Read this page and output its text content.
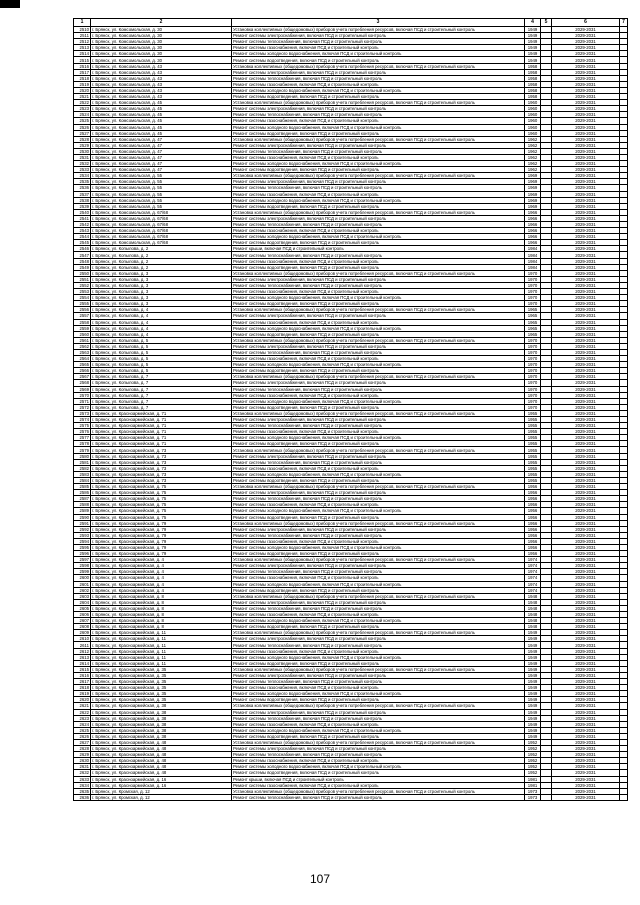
1	2	3	4	5	6	7
2510	г. Брянск, ул. Комсомольская, д. 30	Установка коллективных (общедомовых) приборов учета потребления ресурсов, включая ПСД и строительный контроль	1949		2029-2031	
2511	г. Брянск, ул. Комсомольская, д. 30	Ремонт системы электроснабжения, включая ПСД и строительный контроль	1949		2029-2031	
2512	г. Брянск, ул. Комсомольская, д. 30	Ремонт системы теплоснабжения, включая ПСД и строительный контроль	1949		2029-2031	
2513	г. Брянск, ул. Комсомольская, д. 30	Ремонт системы газоснабжения, включая ПСД и строительный контроль	1949		2029-2031	
2514	г. Брянск, ул. Комсомольская, д. 30	Ремонт системы холодного водоснабжения, включая ПСД и строительный контроль	1949		2029-2031	
2515	г. Брянск, ул. Комсомольская, д. 30	Ремонт системы водоотведения, включая ПСД и строительный контроль	1949		2029-2031	
2516	г. Брянск, ул. Комсомольская, д. 43	Установка коллективных (общедомовых) приборов учета потребления ресурсов, включая ПСД и строительный контроль	1958		2029-2031	
2517	г. Брянск, ул. Комсомольская, д. 43	Ремонт системы электроснабжения, включая ПСД и строительный контроль	1958		2029-2031	
2518	г. Брянск, ул. Комсомольская, д. 43	Ремонт системы теплоснабжения, включая ПСД и строительный контроль	1958		2029-2031	
2519	г. Брянск, ул. Комсомольская, д. 43	Ремонт системы газоснабжения, включая ПСД и строительный контроль	1958		2029-2031	
2520	г. Брянск, ул. Комсомольская, д. 43	Ремонт системы холодного водоснабжения, включая ПСД и строительный контроль	1958		2029-2031	
2521	г. Брянск, ул. Комсомольская, д. 43	Ремонт системы водоотведения, включая ПСД и строительный контроль	1958		2029-2031	
2522	г. Брянск, ул. Комсомольская, д. 45	Установка коллективных (общедомовых) приборов учета потребления ресурсов, включая ПСД и строительный контроль	1960		2029-2031	
2523	г. Брянск, ул. Комсомольская, д. 45	Ремонт системы электроснабжения, включая ПСД и строительный контроль	1960		2029-2031	
2524	г. Брянск, ул. Комсомольская, д. 45	Ремонт системы теплоснабжения, включая ПСД и строительный контроль	1960		2029-2031	
2525	г. Брянск, ул. Комсомольская, д. 45	Ремонт системы газоснабжения, включая ПСД и строительный контроль	1960		2029-2031	
2526	г. Брянск, ул. Комсомольская, д. 45	Ремонт системы холодного водоснабжения, включая ПСД и строительный контроль	1960		2029-2031	
2527	г. Брянск, ул. Комсомольская, д. 45	Ремонт системы водоотведения, включая ПСД и строительный контроль	1960		2029-2031	
2528	г. Брянск, ул. Комсомольская, д. 47	Установка коллективных (общедомовых) приборов учета потребления ресурсов, включая ПСД и строительный контроль	1962		2029-2031	
2529	г. Брянск, ул. Комсомольская, д. 47	Ремонт системы электроснабжения, включая ПСД и строительный контроль	1962		2029-2031	
2530	г. Брянск, ул. Комсомольская, д. 47	Ремонт системы теплоснабжения, включая ПСД и строительный контроль	1962		2029-2031	
2531	г. Брянск, ул. Комсомольская, д. 47	Ремонт системы газоснабжения, включая ПСД и строительный контроль	1962		2029-2031	
2532	г. Брянск, ул. Комсомольская, д. 47	Ремонт системы холодного водоснабжения, включая ПСД и строительный контроль	1962		2029-2031	
2533	г. Брянск, ул. Комсомольская, д. 47	Ремонт системы водоотведения, включая ПСД и строительный контроль	1962		2029-2031	
2534	г. Брянск, ул. Комсомольская, д. 55	Установка коллективных (общедомовых) приборов учета потребления ресурсов, включая ПСД и строительный контроль	1969		2029-2031	
2535	г. Брянск, ул. Комсомольская, д. 55	Ремонт системы электроснабжения, включая ПСД и строительный контроль	1969		2029-2031	
2536	г. Брянск, ул. Комсомольская, д. 55	Ремонт системы теплоснабжения, включая ПСД и строительный контроль	1969		2029-2031	
2537	г. Брянск, ул. Комсомольская, д. 55	Ремонт системы газоснабжения, включая ПСД и строительный контроль	1969		2029-2031	
2538	г. Брянск, ул. Комсомольская, д. 55	Ремонт системы холодного водоснабжения, включая ПСД и строительный контроль	1969		2029-2031	
2539	г. Брянск, ул. Комсомольская, д. 55	Ремонт системы водоотведения, включая ПСД и строительный контроль	1969		2029-2031	
2540	г. Брянск, ул. Комсомольская, д. 67/68	Установка коллективных (общедомовых) приборов учета потребления ресурсов, включая ПСД и строительный контроль	1966		2029-2031	
2541	г. Брянск, ул. Комсомольская, д. 67/68	Ремонт системы электроснабжения, включая ПСД и строительный контроль	1966		2029-2031	
2542	г. Брянск, ул. Комсомольская, д. 67/68	Ремонт системы теплоснабжения, включая ПСД и строительный контроль	1966		2029-2031	
2543	г. Брянск, ул. Комсомольская, д. 67/68	Ремонт системы газоснабжения, включая ПСД и строительный контроль	1966		2029-2031	
2544	г. Брянск, ул. Комсомольская, д. 67/68	Ремонт системы холодного водоснабжения, включая ПСД и строительный контроль	1966		2029-2031	
2545	г. Брянск, ул. Комсомольская, д. 67/68	Ремонт системы водоотведения, включая ПСД и строительный контроль	1966		2029-2031	
2546	г. Брянск, ул. Копылова, д. 2	Ремонт крыши, включая ПСД и строительный контроль	1984		2029-2031	
2547	г. Брянск, ул. Копылова, д. 2	Ремонт системы теплоснабжения, включая ПСД и строительный контроль	1984		2029-2031	
2548	г. Брянск, ул. Копылова, д. 2	Ремонт системы газоснабжения, включая ПСД и строительный контроль	1984		2029-2031	
2549	г. Брянск, ул. Копылова, д. 2	Ремонт системы водоотведения, включая ПСД и строительный контроль	1984		2029-2031	
2550	г. Брянск, ул. Копылова, д. 3	Установка коллективных (общедомовых) приборов учета потребления ресурсов, включая ПСД и строительный контроль	1970		2029-2031	
2551	г. Брянск, ул. Копылова, д. 3	Ремонт системы электроснабжения, включая ПСД и строительный контроль	1970		2029-2031	
2552	г. Брянск, ул. Копылова, д. 3	Ремонт системы теплоснабжения, включая ПСД и строительный контроль	1970		2029-2031	
2553	г. Брянск, ул. Копылова, д. 3	Ремонт системы газоснабжения, включая ПСД и строительный контроль	1970		2029-2031	
2554	г. Брянск, ул. Копылова, д. 3	Ремонт системы холодного водоснабжения, включая ПСД и строительный контроль	1970		2029-2031	
2555	г. Брянск, ул. Копылова, д. 3	Ремонт системы водоотведения, включая ПСД и строительный контроль	1970		2029-2031	
2556	г. Брянск, ул. Копылова, д. 4	Установка коллективных (общедомовых) приборов учета потребления ресурсов, включая ПСД и строительный контроль	1965		2029-2031	
2557	г. Брянск, ул. Копылова, д. 4	Ремонт системы электроснабжения, включая ПСД и строительный контроль	1965		2029-2031	
2558	г. Брянск, ул. Копылова, д. 4	Ремонт системы газоснабжения, включая ПСД и строительный контроль	1965		2029-2031	
2559	г. Брянск, ул. Копылова, д. 4	Ремонт системы холодного водоснабжения, включая ПСД и строительный контроль	1965		2029-2031	
2560	г. Брянск, ул. Копылова, д. 4	Ремонт системы водоотведения, включая ПСД и строительный контроль	1965		2029-2031	
2561	г. Брянск, ул. Копылова, д. 5	Установка коллективных (общедомовых) приборов учета потребления ресурсов, включая ПСД и строительный контроль	1970		2029-2031	
2562	г. Брянск, ул. Копылова, д. 5	Ремонт системы электроснабжения, включая ПСД и строительный контроль	1970		2029-2031	
2563	г. Брянск, ул. Копылова, д. 5	Ремонт системы теплоснабжения, включая ПСД и строительный контроль	1970		2029-2031	
2564	г. Брянск, ул. Копылова, д. 5	Ремонт системы газоснабжения, включая ПСД и строительный контроль	1970		2029-2031	
2565	г. Брянск, ул. Копылова, д. 5	Ремонт системы холодного водоснабжения, включая ПСД и строительный контроль	1970		2029-2031	
2566	г. Брянск, ул. Копылова, д. 5	Ремонт системы водоотведения, включая ПСД и строительный контроль	1970		2029-2031	
2567	г. Брянск, ул. Копылова, д. 7	Установка коллективных (общедомовых) приборов учета потребления ресурсов, включая ПСД и строительный контроль	1970		2029-2031	
2568	г. Брянск, ул. Копылова, д. 7	Ремонт системы электроснабжения, включая ПСД и строительный контроль	1970		2029-2031	
2569	г. Брянск, ул. Копылова, д. 7	Ремонт системы теплоснабжения, включая ПСД и строительный контроль	1970		2029-2031	
2570	г. Брянск, ул. Копылова, д. 7	Ремонт системы газоснабжения, включая ПСД и строительный контроль	1970		2029-2031	
2571	г. Брянск, ул. Копылова, д. 7	Ремонт системы холодного водоснабжения, включая ПСД и строительный контроль	1970		2029-2031	
2572	г. Брянск, ул. Копылова, д. 7	Ремонт системы водоотведения, включая ПСД и строительный контроль	1970		2029-2031	
2573	г. Брянск, ул. Красноармейская, д. 71	Установка коллективных (общедомовых) приборов учета потребления ресурсов, включая ПСД и строительный контроль	1955		2029-2031	
2574	г. Брянск, ул. Красноармейская, д. 71	Ремонт системы электроснабжения, включая ПСД и строительный контроль	1955		2029-2031	
2575	г. Брянск, ул. Красноармейская, д. 71	Ремонт системы теплоснабжения, включая ПСД и строительный контроль	1955		2029-2031	
2576	г. Брянск, ул. Красноармейская, д. 71	Ремонт системы газоснабжения, включая ПСД и строительный контроль	1955		2029-2031	
2577	г. Брянск, ул. Красноармейская, д. 71	Ремонт системы холодного водоснабжения, включая ПСД и строительный контроль	1955		2029-2031	
2578	г. Брянск, ул. Красноармейская, д. 71	Ремонт системы водоотведения, включая ПСД и строительный контроль	1955		2029-2031	
2579	г. Брянск, ул. Красноармейская, д. 73	Установка коллективных (общедомовых) приборов учета потребления ресурсов, включая ПСД и строительный контроль	1955		2029-2031	
2580	г. Брянск, ул. Красноармейская, д. 73	Ремонт системы электроснабжения, включая ПСД и строительный контроль	1955		2029-2031	
2581	г. Брянск, ул. Красноармейская, д. 73	Ремонт системы теплоснабжения, включая ПСД и строительный контроль	1955		2029-2031	
2582	г. Брянск, ул. Красноармейская, д. 73	Ремонт системы газоснабжения, включая ПСД и строительный контроль	1955		2029-2031	
2583	г. Брянск, ул. Красноармейская, д. 73	Ремонт системы холодного водоснабжения, включая ПСД и строительный контроль	1955		2029-2031	
2584	г. Брянск, ул. Красноармейская, д. 73	Ремонт системы водоотведения, включая ПСД и строительный контроль	1955		2029-2031	
2585	г. Брянск, ул. Красноармейская, д. 75	Установка коллективных (общедомовых) приборов учета потребления ресурсов, включая ПСД и строительный контроль	1956		2029-2031	
2586	г. Брянск, ул. Красноармейская, д. 75	Ремонт системы электроснабжения, включая ПСД и строительный контроль	1956		2029-2031	
2587	г. Брянск, ул. Красноармейская, д. 75	Ремонт системы теплоснабжения, включая ПСД и строительный контроль	1956		2029-2031	
2588	г. Брянск, ул. Красноармейская, д. 75	Ремонт системы газоснабжения, включая ПСД и строительный контроль	1956		2029-2031	
2589	г. Брянск, ул. Красноармейская, д. 75	Ремонт системы холодного водоснабжения, включая ПСД и строительный контроль	1956		2029-2031	
2590	г. Брянск, ул. Красноармейская, д. 75	Ремонт системы водоотведения, включая ПСД и строительный контроль	1956		2029-2031	
2591	г. Брянск, ул. Красноармейская, д. 79	Установка коллективных (общедомовых) приборов учета потребления ресурсов, включая ПСД и строительный контроль	1956		2029-2031	
2592	г. Брянск, ул. Красноармейская, д. 79	Ремонт системы электроснабжения, включая ПСД и строительный контроль	1956		2029-2031	
2593	г. Брянск, ул. Красноармейская, д. 79	Ремонт системы теплоснабжения, включая ПСД и строительный контроль	1956		2029-2031	
2594	г. Брянск, ул. Красноармейская, д. 79	Ремонт системы газоснабжения, включая ПСД и строительный контроль	1956		2029-2031	
2595	г. Брянск, ул. Красноармейская, д. 79	Ремонт системы холодного водоснабжения, включая ПСД и строительный контроль	1956		2029-2031	
2596	г. Брянск, ул. Красноармейская, д. 79	Ремонт системы водоотведения, включая ПСД и строительный контроль	1956		2029-2031	
2597	г. Брянск, ул. Красноармейская, д. 4	Установка коллективных (общедомовых) приборов учета потребления ресурсов, включая ПСД и строительный контроль	1974		2029-2031	
2598	г. Брянск, ул. Красноармейская, д. 4	Ремонт системы электроснабжения, включая ПСД и строительный контроль	1974		2029-2031	
2599	г. Брянск, ул. Красноармейская, д. 4	Ремонт системы теплоснабжения, включая ПСД и строительный контроль	1974		2029-2031	
2600	г. Брянск, ул. Красноармейская, д. 4	Ремонт системы газоснабжения, включая ПСД и строительный контроль	1974		2029-2031	
2601	г. Брянск, ул. Красноармейская, д. 4	Ремонт системы холодного водоснабжения, включая ПСД и строительный контроль	1974		2029-2031	
2602	г. Брянск, ул. Красноармейская, д. 4	Ремонт системы водоотведения, включая ПСД и строительный контроль	1974		2029-2031	
2603	г. Брянск, ул. Красноармейская, д. 8	Установка коллективных (общедомовых) приборов учета потребления ресурсов, включая ПСД и строительный контроль	1948		2029-2031	
2604	г. Брянск, ул. Красноармейская, д. 8	Ремонт системы электроснабжения, включая ПСД и строительный контроль	1948		2029-2031	
2605	г. Брянск, ул. Красноармейская, д. 8	Ремонт системы теплоснабжения, включая ПСД и строительный контроль	1948		2029-2031	
2606	г. Брянск, ул. Красноармейская, д. 8	Ремонт системы газоснабжения, включая ПСД и строительный контроль	1948		2029-2031	
2607	г. Брянск, ул. Красноармейская, д. 8	Ремонт системы холодного водоснабжения, включая ПСД и строительный контроль	1948		2029-2031	
2608	г. Брянск, ул. Красноармейская, д. 8	Ремонт системы водоотведения, включая ПСД и строительный контроль	1948		2029-2031	
2609	г. Брянск, ул. Красноармейская, д. 11	Установка коллективных (общедомовых) приборов учета потребления ресурсов, включая ПСД и строительный контроль	1949		2029-2031	
2610	г. Брянск, ул. Красноармейская, д. 11	Ремонт системы электроснабжения, включая ПСД и строительный контроль	1949		2029-2031	
2611	г. Брянск, ул. Красноармейская, д. 11	Ремонт системы теплоснабжения, включая ПСД и строительный контроль	1949		2029-2031	
2612	г. Брянск, ул. Красноармейская, д. 11	Ремонт системы газоснабжения, включая ПСД и строительный контроль	1949		2029-2031	
2613	г. Брянск, ул. Красноармейская, д. 11	Ремонт системы холодного водоснабжения, включая ПСД и строительный контроль	1949		2029-2031	
2614	г. Брянск, ул. Красноармейская, д. 11	Ремонт системы водоотведения, включая ПСД и строительный контроль	1949		2029-2031	
2615	г. Брянск, ул. Красноармейская, д. 35	Установка коллективных (общедомовых) приборов учета потребления ресурсов, включая ПСД и строительный контроль	1949		2029-2031	
2616	г. Брянск, ул. Красноармейская, д. 35	Ремонт системы электроснабжения, включая ПСД и строительный контроль	1949		2029-2031	
2617	г. Брянск, ул. Красноармейская, д. 35	Ремонт системы теплоснабжения, включая ПСД и строительный контроль	1949		2029-2031	
2618	г. Брянск, ул. Красноармейская, д. 35	Ремонт системы газоснабжения, включая ПСД и строительный контроль	1949		2029-2031	
2619	г. Брянск, ул. Красноармейская, д. 35	Ремонт системы холодного водоснабжения, включая ПСД и строительный контроль	1949		2029-2031	
2620	г. Брянск, ул. Красноармейская, д. 35	Ремонт системы водоотведения, включая ПСД и строительный контроль	1949		2029-2031	
2621	г. Брянск, ул. Красноармейская, д. 38	Установка коллективных (общедомовых) приборов учета потребления ресурсов, включая ПСД и строительный контроль	1949		2029-2031	
2622	г. Брянск, ул. Красноармейская, д. 38	Ремонт системы электроснабжения, включая ПСД и строительный контроль	1949		2029-2031	
2623	г. Брянск, ул. Красноармейская, д. 38	Ремонт системы теплоснабжения, включая ПСД и строительный контроль	1949		2029-2031	
2624	г. Брянск, ул. Красноармейская, д. 38	Ремонт системы газоснабжения, включая ПСД и строительный контроль	1949		2029-2031	
2625	г. Брянск, ул. Красноармейская, д. 38	Ремонт системы холодного водоснабжения, включая ПСД и строительный контроль	1949		2029-2031	
2626	г. Брянск, ул. Красноармейская, д. 38	Ремонт системы водоотведения, включая ПСД и строительный контроль	1949		2029-2031	
2627	г. Брянск, ул. Красноармейская, д. 48	Установка коллективных (общедомовых) приборов учета потребления ресурсов, включая ПСД и строительный контроль	1952		2029-2031	
2628	г. Брянск, ул. Красноармейская, д. 48	Ремонт системы электроснабжения, включая ПСД и строительный контроль	1952		2029-2031	
2629	г. Брянск, ул. Красноармейская, д. 48	Ремонт системы теплоснабжения, включая ПСД и строительный контроль	1952		2029-2031	
2630	г. Брянск, ул. Красноармейская, д. 48	Ремонт системы газоснабжения, включая ПСД и строительный контроль	1952		2029-2031	
2631	г. Брянск, ул. Красноармейская, д. 48	Ремонт системы холодного водоснабжения, включая ПСД и строительный контроль	1952		2029-2031	
2632	г. Брянск, ул. Красноармейская, д. 48	Ремонт системы водоотведения, включая ПСД и строительный контроль	1952		2029-2031	
2633	г. Брянск, ул. Красноармейская, д. 16	Ремонт крыши, включая ПСД и строительный контроль	1981		2029-2031	
2634	г. Брянск, ул. Красноармейская, д. 16	Ремонт системы газоснабжения, включая ПСД и строительный контроль	1981		2029-2031	
2635	г. Брянск, ул. Кромская, д. 12	Установка коллективных (общедомовых) приборов учета потребления ресурсов, включая ПСД и строительный контроль	1973		2029-2031	
2636	г. Брянск, ул. Кромская, д. 12	Ремонт системы теплоснабжения, включая ПСД и строительный контроль	1973		2029-2031	
107
